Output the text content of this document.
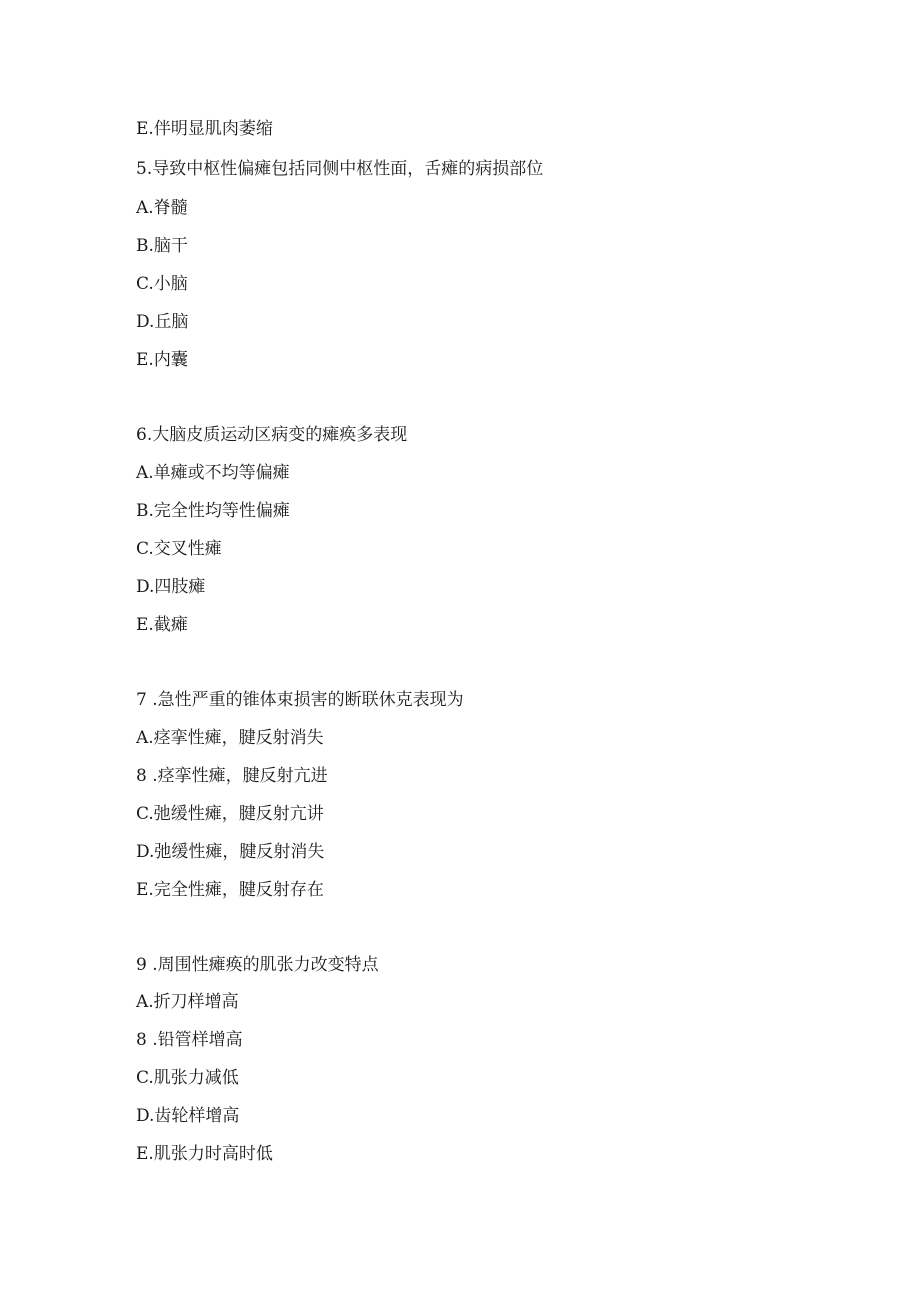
E.伴明显肌肉萎缩
5.导致中枢性偏瘫包括同侧中枢性面，舌瘫的病损部位
A.脊髓
B.脑干
C.小脑
D.丘脑
E.内囊
6.大脑皮质运动区病变的瘫痪多表现
A.单瘫或不均等偏瘫
B.完全性均等性偏瘫
C.交叉性瘫
D.四肢瘫
E.截瘫
7 .急性严重的锥体束损害的断联休克表现为
A.痉挛性瘫，腱反射消失
8 .痉挛性瘫，腱反射亢进
C.弛缓性瘫，腱反射亢讲
D.弛缓性瘫，腱反射消失
E.完全性瘫，腱反射存在
9 .周围性瘫痪的肌张力改变特点
A.折刀样增高
8 .铅管样增高
C.肌张力减低
D.齿轮样增高
E.肌张力时高时低
